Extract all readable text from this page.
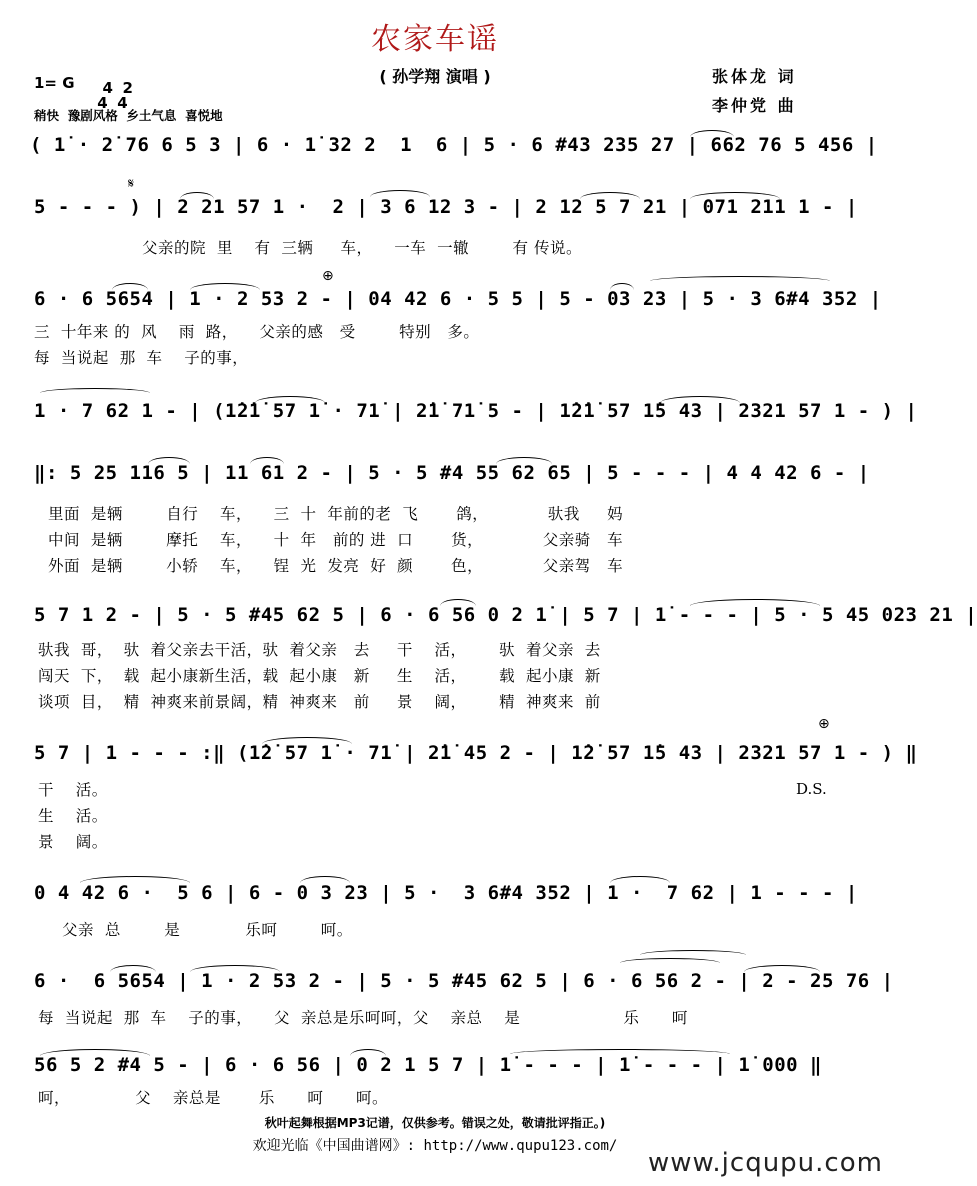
农家车谣
( 孙学翔 演唱 )
1= G	4
4

2
4

稍快  豫剧风格  乡土气息  喜悦地
张体龙 词
李仲党 曲
( 1̇ · 2̇ 76 6 5 3 | 6 · 1̇ 32 2  1  6 | 5 · 6 #43 235 27 | 662 76 5 456 |
𝄋
5 - - - ) | 2 21 57 1 ·  2 | 3 6 12 3 - | 2 12 5 7 21 | 071 211 1 - |
父亲的院  里    有  三辆     车，    一车  一辙        有 传说。
⊕
6 · 6 5654 | 1 · 2 53 2 - | 04 42 6 · 5 5 | 5 - 03 23 | 5 · 3 6#4 352 |
三  十年来 的  风    雨  路，    父亲的感   受        特别   多。
每  当说起  那  车    子的事，
1 · 7 62 1 - | (1̇2̇1̇ 57 1̇ · 71̇ | 2̇1̇ 71̇ 5 - | 1̇2̇1̇ 57 1̇5 43 | 2321 57 1 - ) |
‖: 5 25 116 5 | 11 61 2 - | 5 · 5 #4 55 62 65 | 5 - - - | 4 4 42 6 - |
里面  是辆        自行    车，    三  十  年前的老  飞       鸽，           驮我     妈
中间  是辆        摩托    车，    十  年   前的 进  口       货，           父亲骑   车
外面  是辆        小轿    车，    锃  光  发亮  好  颜       色，           父亲驾   车
5 7 1 2 - | 5 · 5 #45 62 5 | 6 · 6 56 0 2 1̇ | 5 7 | 1̇ - - - | 5 · 5 45 023 21 |
驮我  哥，  驮  着父亲去干活，驮  着父亲   去     干    活，      驮  着父亲  去
闯天  下，  载  起小康新生活，载  起小康   新     生    活，      载  起小康  新
谈项  目，  精  神爽来前景阔，精  神爽来   前     景    阔，      精  神爽来  前
⊕
5 7 | 1 - - - :‖ (1̇2̇ 57 1̇ · 71̇ | 2̇1̇ 45 2 - | 1̇2̇ 57 1̇5 43 | 2321 57 1 - ) ‖
干    活。
生    活。
景    阔。
D.S.
0 4 42 6 ·  5 6 | 6 - 0 3 23 | 5 ·  3 6#4 352 | 1 ·  7 62 | 1 - - - |
父亲  总        是            乐呵        呵。
6 ·  6 5654 | 1 · 2 53 2 - | 5 · 5 #45 62 5 | 6 · 6 56 2 - | 2 - 25 76 |
每  当说起  那  车    子的事，    父  亲总是乐呵呵，父    亲总    是                   乐      呵
56 5 2 #4 5 - | 6 · 6 56 | 0 2 1 5 7 | 1̇ - - - | 1̇ - - - | 1̇ 000 ‖
呵，            父    亲总是       乐      呵      呵。
秋叶起舞根据MP3记谱，仅供参考。错误之处，敬请批评指正。)
欢迎光临《中国曲谱网》: http://www.qupu123.com/
www.jcqupu.com
